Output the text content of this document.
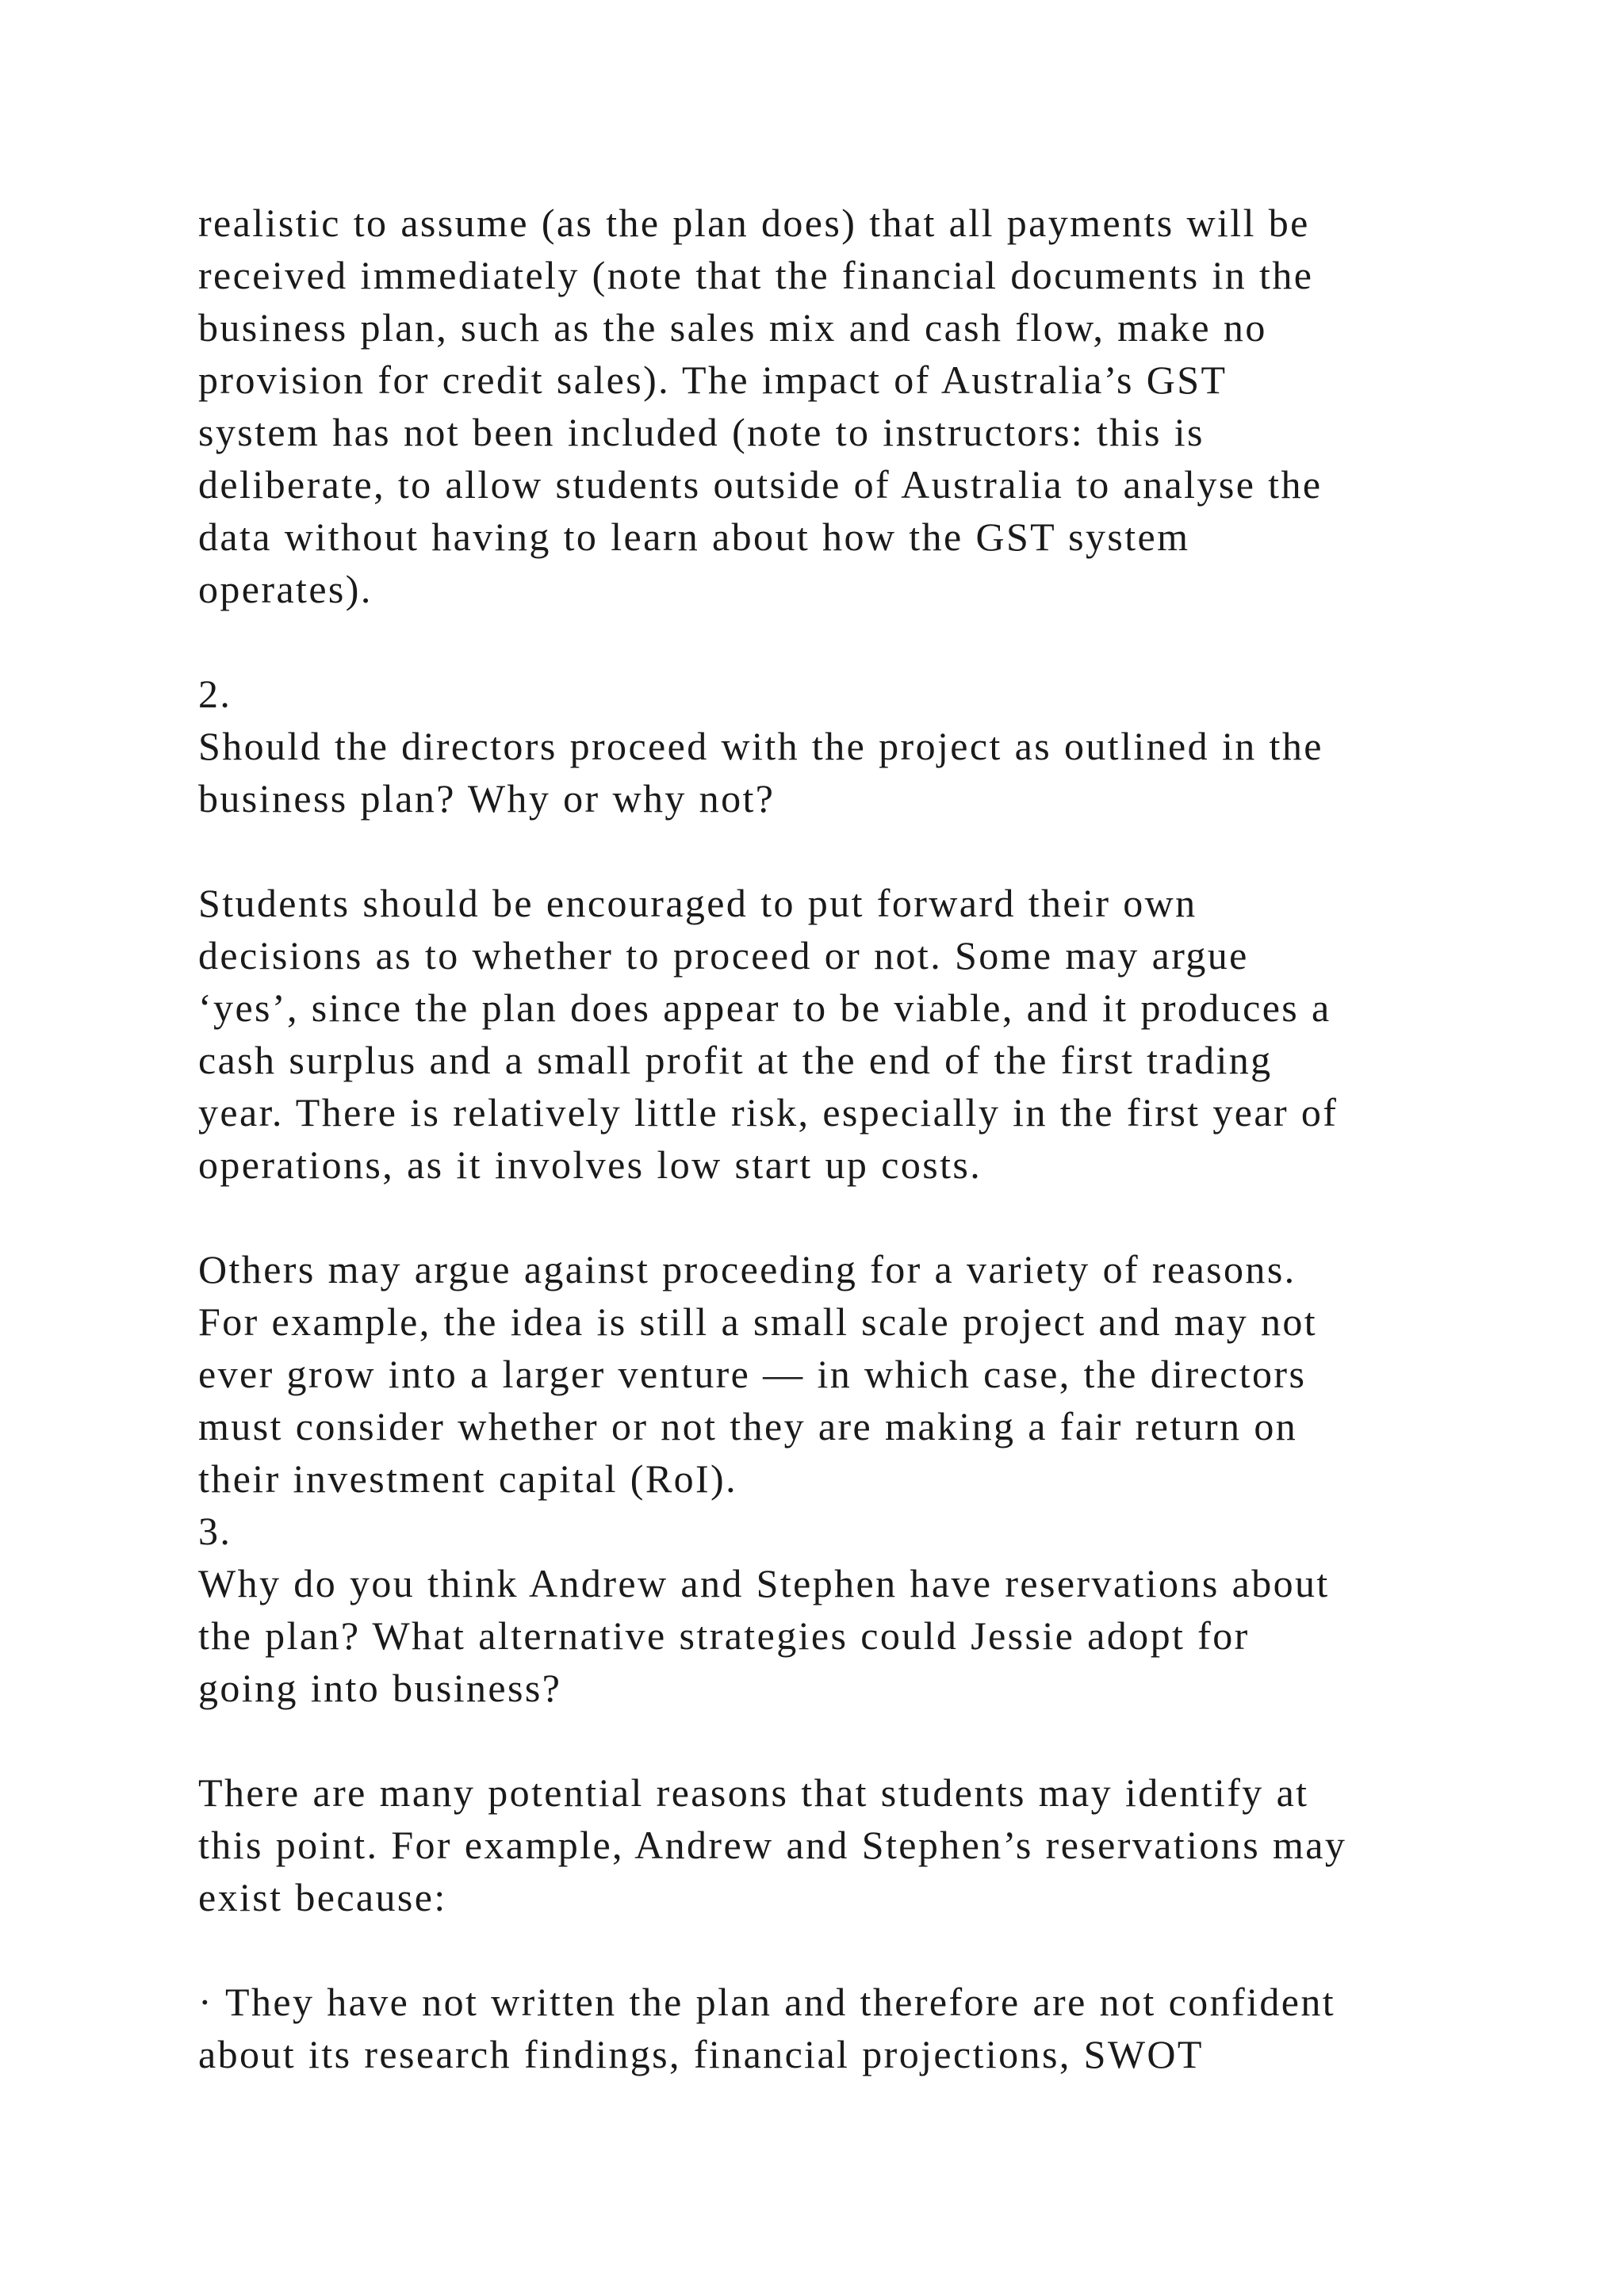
realistic to assume (as the plan does) that all payments will be
received immediately (note that the financial documents in the
business plan, such as the sales mix and cash flow, make no
provision for credit sales). The impact of Australia’s GST
system has not been included (note to instructors: this is
deliberate, to allow students outside of Australia to analyse the
data without having to learn about how the GST system
operates).
2.
Should the directors proceed with the project as outlined in the
business plan? Why or why not?
Students should be encouraged to put forward their own
decisions as to whether to proceed or not. Some may argue
‘yes’, since the plan does appear to be viable, and it produces a
cash surplus and a small profit at the end of the first trading
year. There is relatively little risk, especially in the first year of
operations, as it involves low start up costs.
Others may argue against proceeding for a variety of reasons.
For example, the idea is still a small scale project and may not
ever grow into a larger venture — in which case, the directors
must consider whether or not they are making a fair return on
their investment capital (RoI).
3.
Why do you think Andrew and Stephen have reservations about
the plan? What alternative strategies could Jessie adopt for
going into business?
There are many potential reasons that students may identify at
this point. For example, Andrew and Stephen’s reservations may
exist because:
· They have not written the plan and therefore are not confident
about its research findings, financial projections, SWOT
